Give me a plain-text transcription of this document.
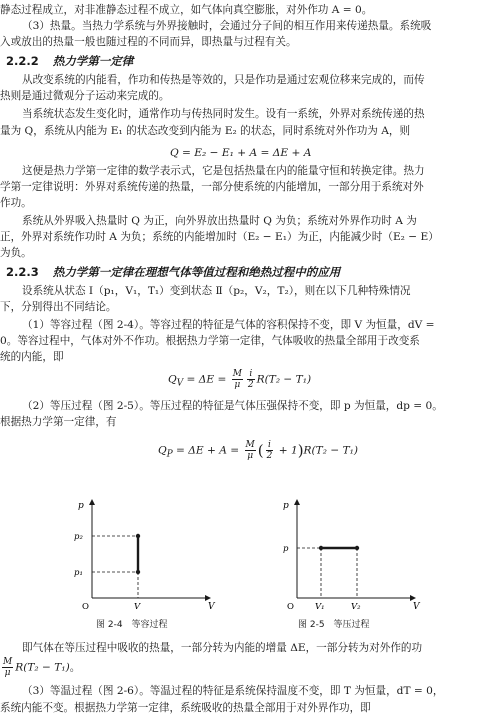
静态过程成立，对非准静态过程不成立，如气体向真空膨胀，对外作功 A = 0。

（3）热量。当热力学系统与外界接触时，会通过分子间的相互作用来传递热量。系统吸

入或放出的热量一般也随过程的不同而异，即热量与过程有关。

2.2.2 热力学第一定律

从改变系统的内能看，作功和传热是等效的，只是作功是通过宏观位移来完成的，而传

热则是通过微观分子运动来完成的。

当系统状态发生变化时，通常作功与传热同时发生。设有一系统，外界对系统传递的热

量为 Q，系统从内能为 E₁ 的状态改变到内能为 E₂ 的状态，同时系统对外作功为 A，则

Q = E₂ − E₁ + A = ΔE + A

这便是热力学第一定律的数学表示式，它是包括热量在内的能量守恒和转换定律。热力

学第一定律说明：外界对系统传递的热量，一部分使系统的内能增加，一部分用于系统对外

作功。

系统从外界吸入热量时 Q 为正，向外界放出热量时 Q 为负；系统对外界作功时 A 为

正，外界对系统作功时 A 为负；系统的内能增加时（E₂ − E₁）为正，内能减少时（E₂ − E）

为负。

2.2.3 热力学第一定律在理想气体等值过程和绝热过程中的应用

设系统从状态 Ⅰ（p₁，V₁，T₁）变到状态 Ⅱ（p₂，V₂，T₂），则在以下几种特殊情况

下，分别得出不同结论。

（1）等容过程（图 2-4）。等容过程的特征是气体的容积保持不变，即 V 为恒量，dV =

0。等容过程中，气体对外不作功。根据热力学第一定律，气体吸收的热量全部用于改变系

统的内能，即

$Q_V = \Delta E = \frac{M}{\mu} \frac{i}{2} R(T_2 - T_1)$

（2）等压过程（图 2-5）。等压过程的特征是气体压强保持不变，即 p 为恒量，dp = 0。

根据热力学第一定律，有

$Q_P = \Delta E + A = \frac{M}{\mu}$ ( $\frac{i}{2} + 1)R(T_2 - T_1)$
p
p₂
p₁
O	V	V

图 2-4　等容过程

p
p
O V₁	V₂	V

图 2-5　等压过程

即气体在等压过程中吸收的热量，一部分转为内能的增量 ΔE，一部分转为对外作的功

$\frac{M}{\mu} R(T_2 - T_1)$。

（3）等温过程（图 2-6）。等温过程的特征是系统保持温度不变，即 T 为恒量，dT = 0，

系统内能不变。根据热力学第一定律，系统吸收的热量全部用于对外界作功，即
